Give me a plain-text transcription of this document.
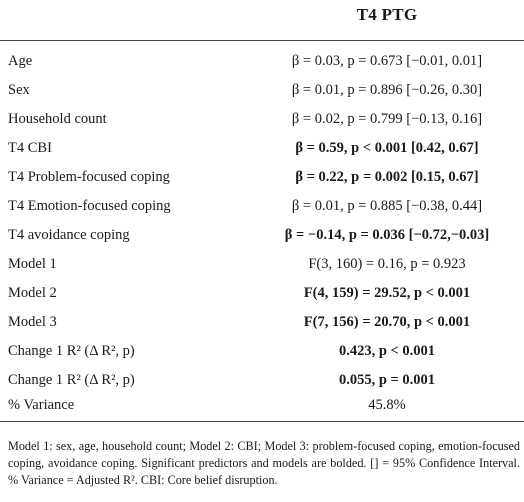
T4 PTG
Age	β = 0.03, p = 0.673 [−0.01, 0.01]
Sex	β = 0.01, p = 0.896 [−0.26, 0.30]
Household count	β = 0.02, p = 0.799 [−0.13, 0.16]
T4 CBI	β = 0.59, p < 0.001 [0.42, 0.67]
T4 Problem-focused coping	β = 0.22, p = 0.002 [0.15, 0.67]
T4 Emotion-focused coping	β = 0.01, p = 0.885 [−0.38, 0.44]
T4 avoidance coping	β = −0.14, p = 0.036 [−0.72,−0.03]
Model 1	F(3, 160) = 0.16, p = 0.923
Model 2	F(4, 159) = 29.52, p < 0.001
Model 3	F(7, 156) = 20.70, p < 0.001
Change 1 R² (Δ R², p)	0.423, p < 0.001
Change 1 R² (Δ R², p)	0.055, p = 0.001
% Variance	45.8%
Model 1: sex, age, household count; Model 2: CBI; Model 3: problem-focused coping, emotion-focused coping, avoidance coping. Significant predictors and models are bolded. [] = 95% Confidence Interval. % Variance = Adjusted R². CBI: Core belief disruption.
